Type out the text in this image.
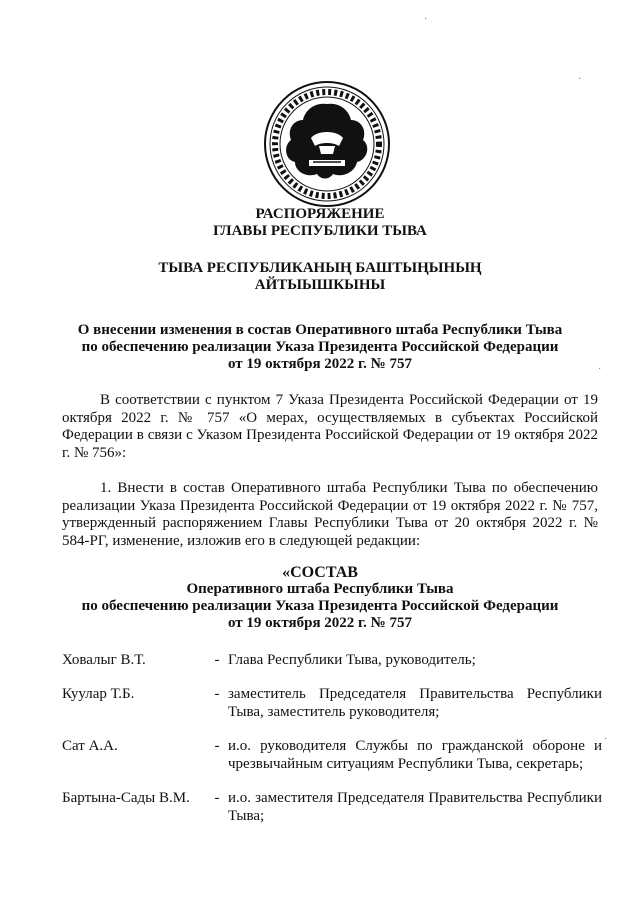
РАСПОРЯЖЕНИЕ
ГЛАВЫ РЕСПУБЛИКИ ТЫВА
ТЫВА РЕСПУБЛИКАНЫҢ БАШТЫҢЫНЫҢ
АЙТЫЫШКЫНЫ
О внесении изменения в состав Оперативного штаба Республики Тыва
по обеспечению реализации Указа Президента Российской Федерации
от 19 октября 2022 г. № 757
В соответствии с пунктом 7 Указа Президента Российской Федерации от 19 октября 2022 г. № 757 «О мерах, осуществляемых в субъектах Российской Федерации в связи с Указом Президента Российской Федерации от 19 октября 2022 г. № 756»:
1. Внести в состав Оперативного штаба Республики Тыва по обеспечению реализации Указа Президента Российской Федерации от 19 октября 2022 г. № 757, утвержденный распоряжением Главы Республики Тыва от 20 октября 2022 г. № 584-РГ, изменение, изложив его в следующей редакции:
«СОСТАВ
Оперативного штаба Республики Тыва
по обеспечению реализации Указа Президента Российской Федерации
от 19 октября 2022 г. № 757
Ховалыг В.Т.	- Глава Республики Тыва, руководитель;
Куулар Т.Б.	- заместитель Председателя Правительства Республики Тыва, заместитель руководителя;
Сат А.А.	- и.о. руководителя Службы по гражданской обороне и чрезвычайным ситуациям Республики Тыва, секретарь;
Бартына-Сады В.М.	- и.о. заместителя Председателя Правительства Республики Тыва;
·
·
·
·
